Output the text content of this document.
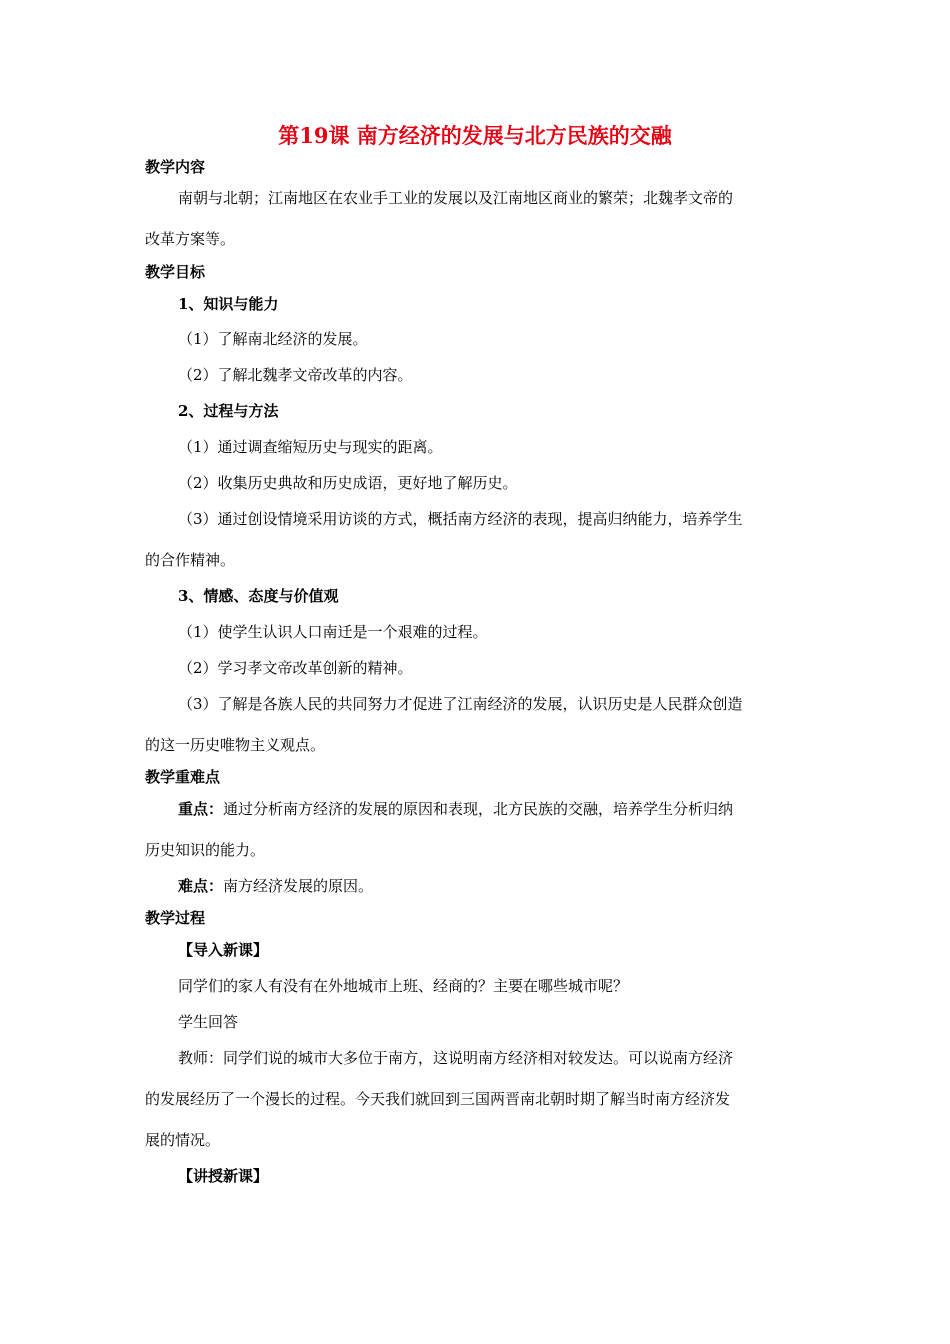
第19课 南方经济的发展与北方民族的交融
教学内容
南朝与北朝；江南地区在农业手工业的发展以及江南地区商业的繁荣；北魏孝文帝的
改革方案等。
教学目标
1、知识与能力
（1）了解南北经济的发展。
（2）了解北魏孝文帝改革的内容。
2、过程与方法
（1）通过调查缩短历史与现实的距离。
（2）收集历史典故和历史成语，更好地了解历史。
（3）通过创设情境采用访谈的方式，概括南方经济的表现，提高归纳能力，培养学生
的合作精神。
3、情感、态度与价值观
（1）使学生认识人口南迁是一个艰难的过程。
（2）学习孝文帝改革创新的精神。
（3）了解是各族人民的共同努力才促进了江南经济的发展，认识历史是人民群众创造
的这一历史唯物主义观点。
教学重难点
重点：通过分析南方经济的发展的原因和表现，北方民族的交融，培养学生分析归纳
历史知识的能力。
难点：南方经济发展的原因。
教学过程
【导入新课】
同学们的家人有没有在外地城市上班、经商的？主要在哪些城市呢？
学生回答
教师：同学们说的城市大多位于南方，这说明南方经济相对较发达。可以说南方经济
的发展经历了一个漫长的过程。今天我们就回到三国两晋南北朝时期了解当时南方经济发
展的情况。
【讲授新课】
